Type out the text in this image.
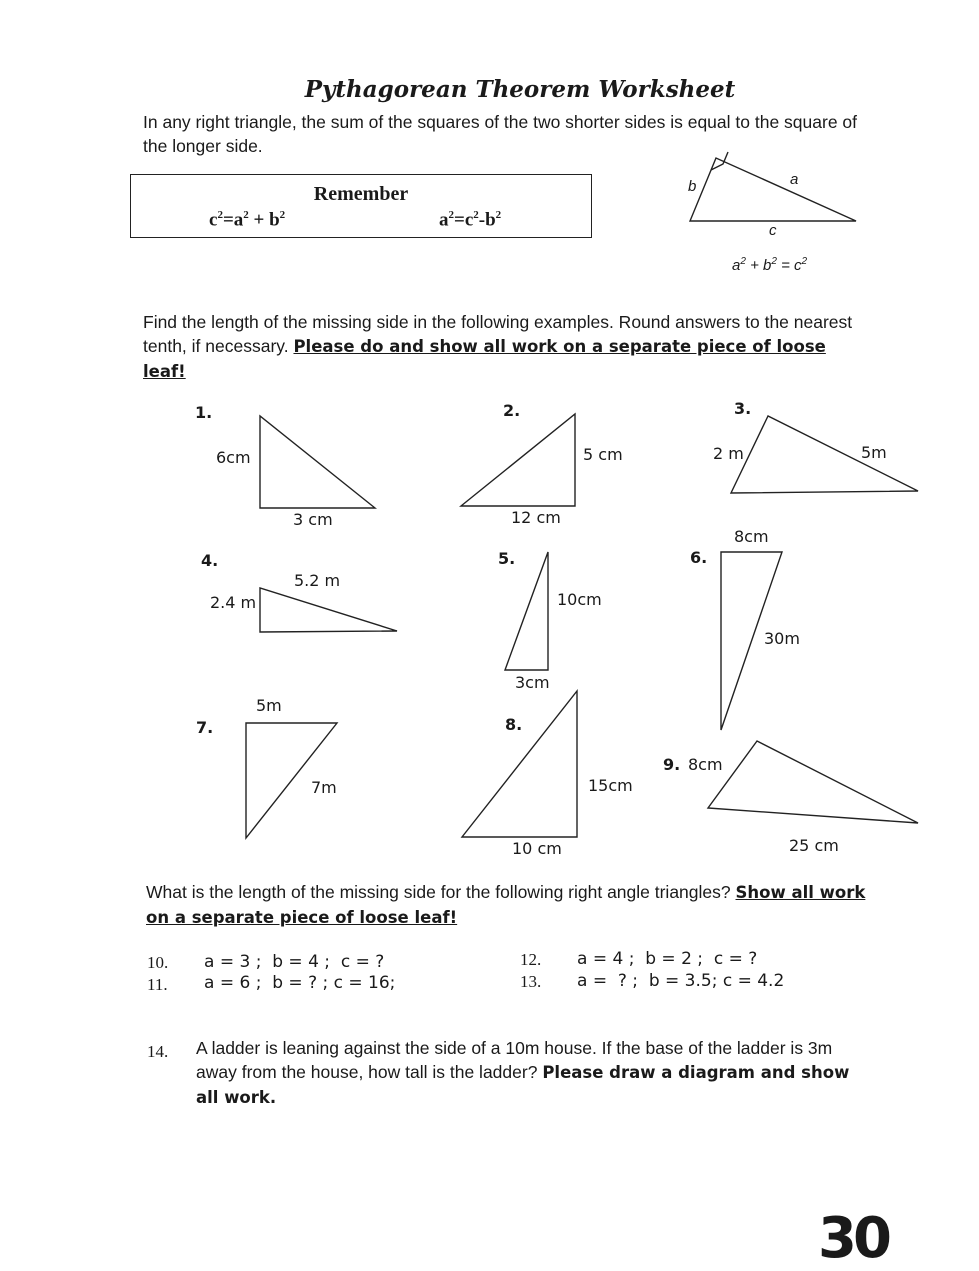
Pythagorean Theorem Worksheet
In any right triangle, the sum of the squares of the two shorter sides is equal to the square of the longer side.
Remember
$c^2=a^2 + b^2$	$a^2=c^2-b^2$
b	a
c
$a^2 + b^2 = c^2$
Find the length of the missing side in the following examples. Round answers to the nearest tenth, if necessary. Please do and show all work on a separate piece of loose leaf!
1.
6cm
3 cm
2.
5 cm
12 cm
3.
2 m	5m
4.
2.4 m
5.2 m
5.
10cm
3cm
6.
8cm
30m
7.
5m
7m
8.
15cm
10 cm
9. 8cm
25 cm
What is the length of the missing side for the following right angle triangles? Show all work on a separate piece of loose leaf!
10. a = 3 ;  b = 4 ;  c = ?
11. a = 6 ;  b = ? ; c = 16;
12. a = 4 ;  b = 2 ;  c = ?
13. a =  ? ;  b = 3.5; c = 4.2
14. A ladder is leaning against the side of a 10m house. If the base of the ladder is 3m away from the house, how tall is the ladder? Please draw a diagram and show all work.
30
